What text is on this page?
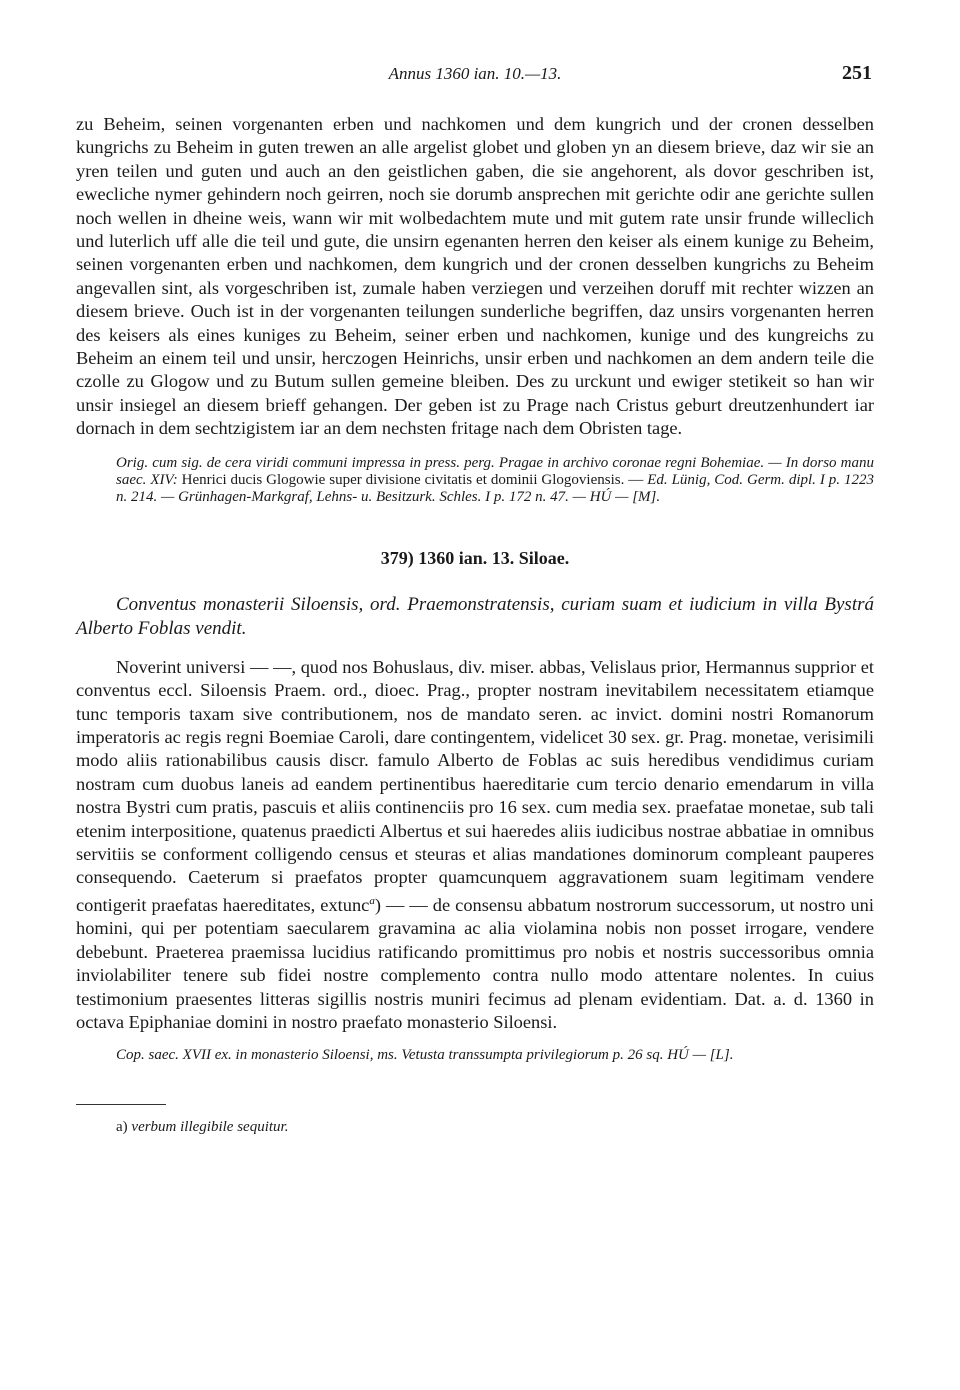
Annus 1360 ian. 10.—13.	251

zu Beheim, seinen vorgenanten erben und nachkomen und dem kungrich und der cronen desselben kungrichs zu Beheim in guten trewen an alle argelist globet und globen yn an diesem brieve, daz wir sie an yren teilen und guten und auch an den geistlichen gaben, die sie angehorent, als dovor geschriben ist, ewecliche nymer gehindern noch geirren, noch sie dorumb ansprechen mit gerichte odir ane gerichte sullen noch wellen in dheine weis, wann wir mit wolbedachtem mute und mit gutem rate unsir frunde willeclich und luterlich uff alle die teil und gute, die unsirn egenanten herren den keiser als einem kunige zu Beheim, seinen vorgenanten erben und nachkomen, dem kungrich und der cronen desselben kungrichs zu Beheim angevallen sint, als vorgeschriben ist, zumale haben verziegen und verzeihen doruff mit rechter wizzen an diesem brieve. Ouch ist in der vorgenanten teilungen sunderliche begriffen, daz unsirs vorgenanten herren des keisers als eines kuniges zu Beheim, seiner erben und nachkomen, kunige und des kungreichs zu Beheim an einem teil und unsir, herczogen Heinrichs, unsir erben und nachkomen an dem andern teile die czolle zu Glogow und zu Butum sullen gemeine bleiben. Des zu urckunt und ewiger stetikeit so han wir unsir insiegel an diesem brieff gehangen. Der geben ist zu Prage nach Cristus geburt dreutzenhundert iar dornach in dem sechtzigistem iar an dem nechsten fritage nach dem Obristen tage.

Orig. cum sig. de cera viridi communi impressa in press. perg. Pragae in archivo coronae regni Bohemiae. — In dorso manu saec. XIV: Henrici ducis Glogowie super divisione civitatis et dominii Glogoviensis. — Ed. Lünig, Cod. Germ. dipl. I p. 1223 n. 214. — Grünhagen-Markgraf, Lehns- u. Besitzurk. Schles. I p. 172 n. 47. — HÚ — [M].

379) 1360 ian. 13. Siloae.

Conventus monasterii Siloensis, ord. Praemonstratensis, curiam suam et iudicium in villa Bystrá Alberto Foblas vendit.

Noverint universi — —, quod nos Bohuslaus, div. miser. abbas, Velislaus prior, Hermannus supprior et conventus eccl. Siloensis Praem. ord., dioec. Prag., propter nostram inevitabilem necessitatem etiamque tunc temporis taxam sive contributionem, nos de mandato seren. ac invict. domini nostri Romanorum imperatoris ac regis regni Boemiae Caroli, dare contingentem, videlicet 30 sex. gr. Prag. monetae, verisimili modo aliis rationabilibus causis discr. famulo Alberto de Foblas ac suis heredibus vendidimus curiam nostram cum duobus laneis ad eandem pertinentibus haereditarie cum tercio denario emendarum in villa nostra Bystri cum pratis, pascuis et aliis continenciis pro 16 sex. cum media sex. praefatae monetae, sub tali etenim interpositione, quatenus praedicti Albertus et sui haeredes aliis iudicibus nostrae abbatiae in omnibus servitiis se conforment colligendo census et steuras et alias mandationes dominorum compleant pauperes consequendo. Caeterum si praefatos propter quamcunquem aggravationem suam legitimam vendere contigerit praefatas haereditates, extunc$^a$) — — de consensu abbatum nostrorum successorum, ut nostro uni homini, qui per potentiam saecularem gravamina ac alia violamina nobis non posset irrogare, vendere debebunt. Praeterea praemissa lucidius ratificando promittimus pro nobis et nostris successoribus omnia inviolabiliter tenere sub fidei nostre complemento contra nullo modo attentare nolentes. In cuius testimonium praesentes litteras sigillis nostris muniri fecimus ad plenam evidentiam. Dat. a. d. 1360 in octava Epiphaniae domini in nostro praefato monasterio Siloensi.

Cop. saec. XVII ex. in monasterio Siloensi, ms. Vetusta transsumpta privilegiorum p. 26 sq. HÚ — [L].

a) verbum illegibile sequitur.
